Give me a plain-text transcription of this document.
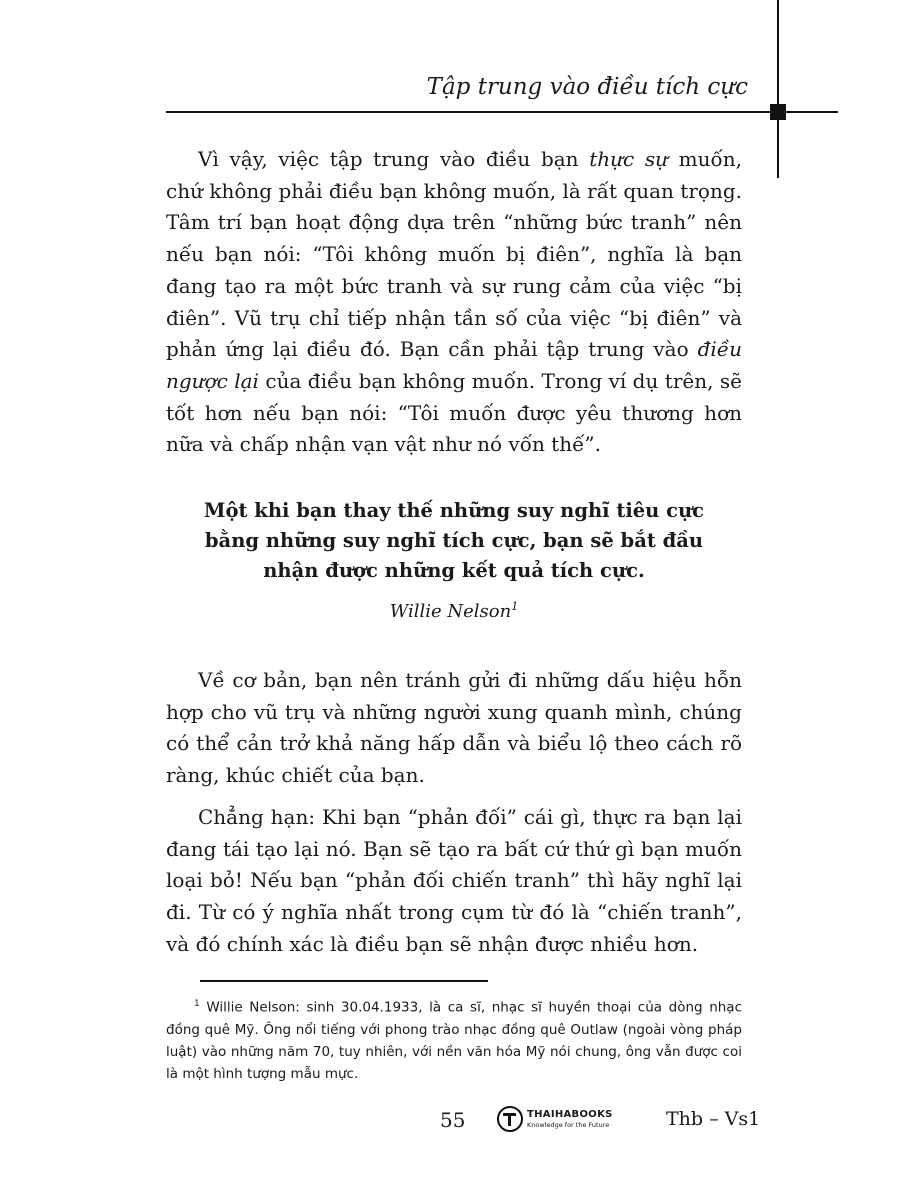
Tập trung vào điều tích cực

Vì vậy, việc tập trung vào điều bạn thực sự muốn, chứ không phải điều bạn không muốn, là rất quan trọng. Tâm trí bạn hoạt động dựa trên “những bức tranh” nên nếu bạn nói: “Tôi không muốn bị điên”, nghĩa là bạn đang tạo ra một bức tranh và sự rung cảm của việc “bị điên”. Vũ trụ chỉ tiếp nhận tần số của việc “bị điên” và phản ứng lại điều đó. Bạn cần phải tập trung vào điều ngược lại của điều bạn không muốn. Trong ví dụ trên, sẽ tốt hơn nếu bạn nói: “Tôi muốn được yêu thương hơn nữa và chấp nhận vạn vật như nó vốn thế”.

Một khi bạn thay thế những suy nghĩ tiêu cực
bằng những suy nghĩ tích cực, bạn sẽ bắt đầu
nhận được những kết quả tích cực.
Willie Nelson$^1$

Về cơ bản, bạn nên tránh gửi đi những dấu hiệu hỗn hợp cho vũ trụ và những người xung quanh mình, chúng có thể cản trở khả năng hấp dẫn và biểu lộ theo cách rõ ràng, khúc chiết của bạn.

Chẳng hạn: Khi bạn “phản đối” cái gì, thực ra bạn lại đang tái tạo lại nó. Bạn sẽ tạo ra bất cứ thứ gì bạn muốn loại bỏ! Nếu bạn “phản đối chiến tranh” thì hãy nghĩ lại đi. Từ có ý nghĩa nhất trong cụm từ đó là “chiến tranh”, và đó chính xác là điều bạn sẽ nhận được nhiều hơn.

$^1$ Willie Nelson: sinh 30.04.1933, là ca sĩ, nhạc sĩ huyền thoại của dòng nhạc đồng quê Mỹ. Ông nổi tiếng với phong trào nhạc đồng quê Outlaw (ngoài vòng pháp luật) vào những năm 70, tuy nhiên, với nền văn hóa Mỹ nói chung, ông vẫn được coi là một hình tượng mẫu mực.

55	THAIHABOOKS
Knowledge for the Future	Thb – Vs1
